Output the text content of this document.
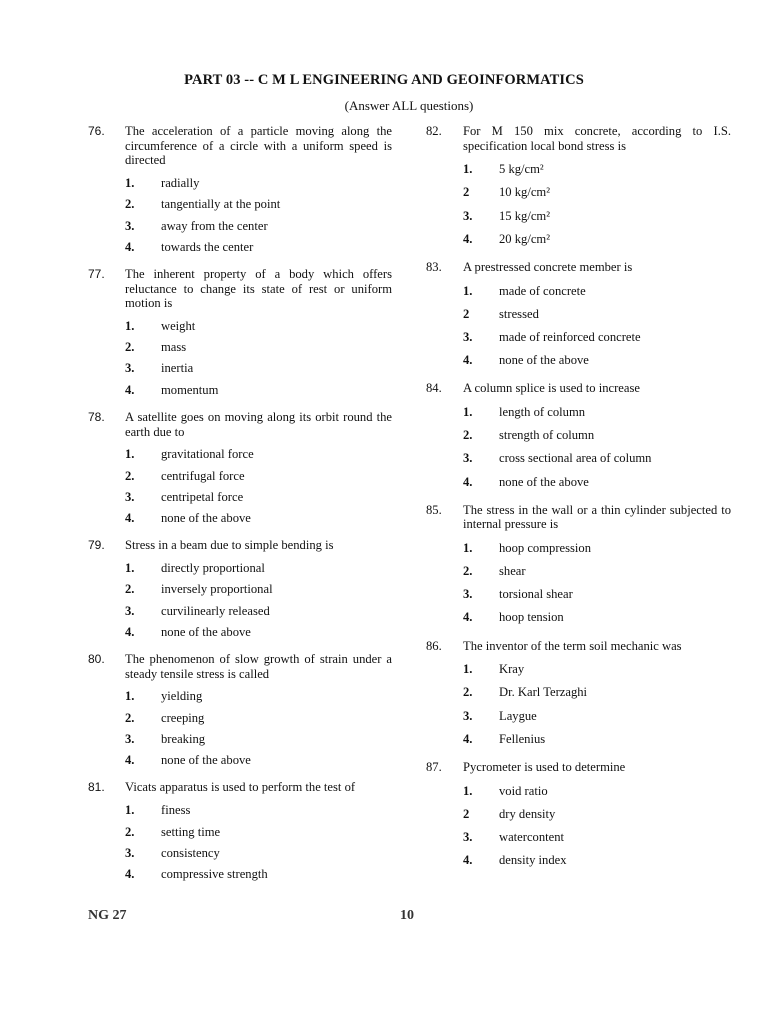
PART 03 -- C M L ENGINEERING AND GEOINFORMATICS
(Answer ALL questions)
76.	The acceleration of a particle moving along the circumference of a circle with a uniform speed is directed
1.	radially
2.	tangentially at the point
3.	away from the center
4.	towards the center
77.	The inherent property of a body which offers reluctance to change its state of rest or uniform motion is
1.	weight
2.	mass
3.	inertia
4.	momentum
78.	A satellite goes on moving along its orbit round the earth due to
1.	gravitational force
2.	centrifugal force
3.	centripetal force
4.	none of the above
79.	Stress in a beam due to simple bending is
1.	directly proportional
2.	inversely proportional
3.	curvilinearly released
4.	none of the above
80.	The phenomenon of slow growth of strain under a steady tensile stress is called
1.	yielding
2.	creeping
3.	breaking
4.	none of the above
81.	Vicats apparatus is used to perform the test of
1.	finess
2.	setting time
3.	consistency
4.	compressive strength
82.	For M 150 mix concrete, according to I.S. specification local bond stress is
1.	5 kg/cm²
2	10 kg/cm²
3.	15 kg/cm²
4.	20 kg/cm²
83.	A prestressed concrete member is
1.	made of concrete
2	stressed
3.	made of reinforced concrete
4.	none of the above
84.	A column splice is used to increase
1.	length of column
2.	strength of column
3.	cross sectional area of column
4.	none of the above
85.	The stress in the wall or a thin cylinder subjected to internal pressure is
1.	hoop compression
2.	shear
3.	torsional shear
4.	hoop tension
86.	The inventor of the term soil mechanic was
1.	Kray
2.	Dr. Karl Terzaghi
3.	Laygue
4.	Fellenius
87.	Pycrometer is used to determine
1.	void ratio
2	dry density
3.	watercontent
4.	density index
NG 27	10
